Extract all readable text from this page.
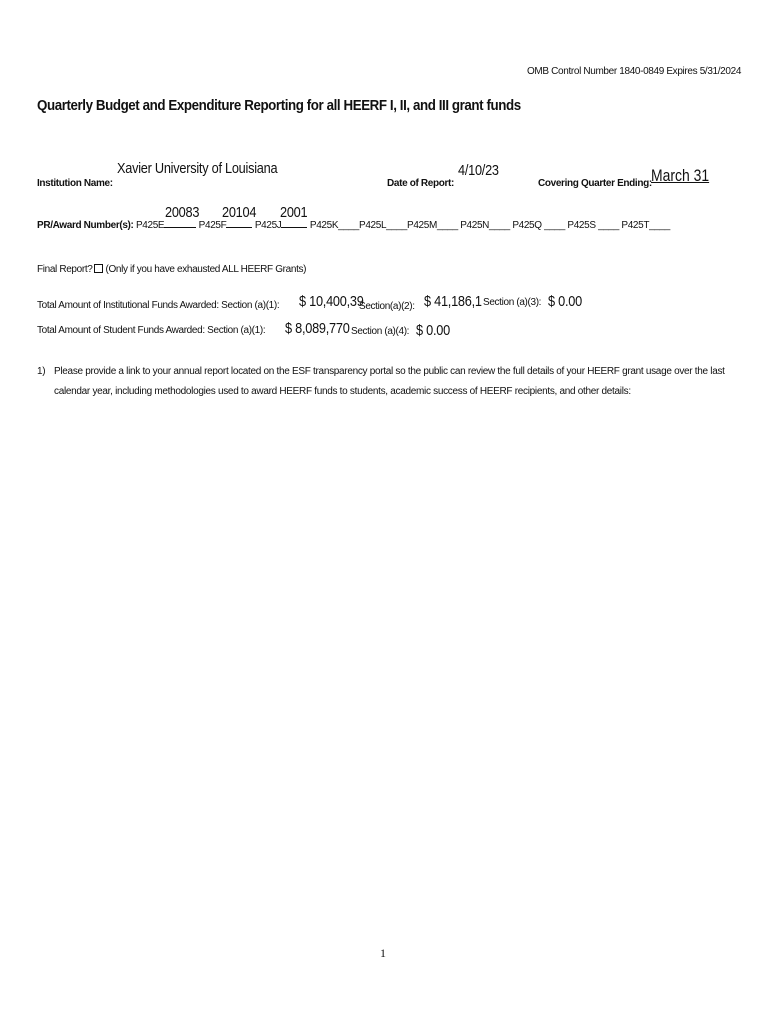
OMB Control Number 1840-0849 Expires 5/31/2024
Quarterly Budget and Expenditure Reporting for all HEERF I, II, and III grant funds
Institution Name:
Xavier University of Louisiana
Date of Report:
4/10/23
Covering Quarter Ending: March 31
PR/Award Number(s): P425E	P425F	P425J	P425K____P425L____P425M____ P425N____ P425Q ____ P425S ____ P425T____
20083 20104 2001
Final Report? (Only if you have exhausted ALL HEERF Grants)
Total Amount of Institutional Funds Awarded: Section (a)(1): $ 10,400,39
Section(a)(2): $ 41,186,1 Section (a)(3): $ 0.00
Total Amount of Student Funds Awarded: Section (a)(1): $ 8,089,770 Section (a)(4): $ 0.00
1) Please provide a link to your annual report located on the ESF transparency portal so the public can review the full details of your HEERF grant usage over the last calendar year, including methodologies used to award HEERF funds to students, academic success of HEERF recipients, and other details:
1
